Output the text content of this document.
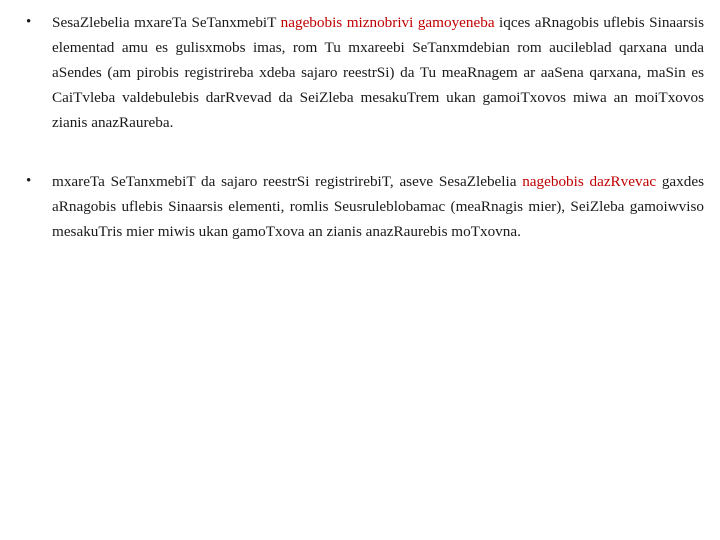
• SesaZlebelia mxareTa SeTanxmebiT nagebobis miznobrivi gamoyeneba iqces aRnagobis uflebis Sinaarsis elementad amu es gulisxmobs imas, rom Tu mxareebi SeTanxmdebian rom aucileblad qarxana unda aSendes (am pirobis registrireba xdeba sajaro reestrSi) da Tu meaRnagem ar aaSena qarxana, maSin es CaiTvleba valdebulebis darRvevad da SeiZleba mesakuTrem ukan gamoiTxovos miwa an moiTxovos zianis anazRaureba.
• mxareTa SeTanxmebiT da sajaro reestrSi registrirebiT, aseve SesaZlebelia nagebobis dazRvevac gaxdes aRnagobis uflebis Sinaarsis elementi, romlis Seusruleblobamac (meaRnagis mier), SeiZleba gamoiwviso mesakuTris mier miwis ukan gamoTxova an zianis anazRaurebis moTxovna.
